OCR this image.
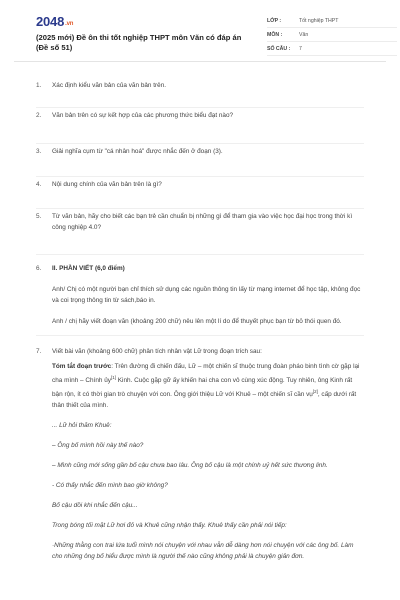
2048.vn
(2025 mới) Đề ôn thi tốt nghiệp THPT môn Văn có đáp án (Đề số 51)
LỚP :	Tốt nghiệp THPT
MÔN :	Văn
SỐ CÂU :	7
1.	Xác định kiểu văn bản của văn bản trên.
2.	Văn bản trên có sự kết hợp của các phương thức biểu đạt nào?
3.	Giải nghĩa cụm từ "cá nhân hoá" được nhắc đến ở đoạn (3).
4.	Nội dung chính của văn bản trên là gì?
5.	Từ văn bản, hãy cho biết các bạn trẻ cần chuẩn bị những gì để tham gia vào việc học đại học trong thời kì công nghiệp 4.0?
6.	II. PHẦN VIẾT (6,0 điểm)
Anh/ Chị có một người bạn chỉ thích sử dụng các nguồn thông tin lấy từ mạng internet để học tập, không đọc và coi trọng thông tin từ sách,báo in.
Anh / chị hãy viết đoạn văn (khoảng 200 chữ) nêu lên một lí do để thuyết phục bạn từ bỏ thói quen đó.
7.	Viết bài văn (khoảng 600 chữ) phân tích nhân vật Lữ trong đoạn trích sau:

Tóm tắt đoạn trước: Trên đường đi chiến đấu, Lữ – một chiến sĩ thuộc trung đoàn pháo binh tình cờ gặp lại cha mình – Chính ủy[1] Kinh. Cuộc gặp gỡ ấy khiến hai cha con vô cùng xúc động. Tuy nhiên, ông Kinh rất bận rộn, ít có thời gian trò chuyện với con. Ông giới thiệu Lữ với Khuê – một chiến sĩ cần vụ[2], cấp dưới rất thân thiết của mình.

... Lữ hỏi thăm Khuê:

– Ông bố mình hồi này thế nào?

– Mình cũng mới sống gần bố cậu chưa bao lâu. Ông bố cậu là một chính uỷ hết sức thương linh.

- Có thấy nhắc đến mình bao giờ không?

Bố cậu dồi khi nhắc đến cậu...

Trong bóng tối mặt Lữ hơi đỏ và Khuê cũng nhận thấy. Khuê thấy cần phải nói tiếp:

·Những thằng con trai lứa tuổi mình nói chuyện với nhau vẫn dễ dàng hơn nói chuyện với các ông bố. Làm cho những ông bố hiểu được mình là người thế nào cũng không phải là chuyện giản đơn.
